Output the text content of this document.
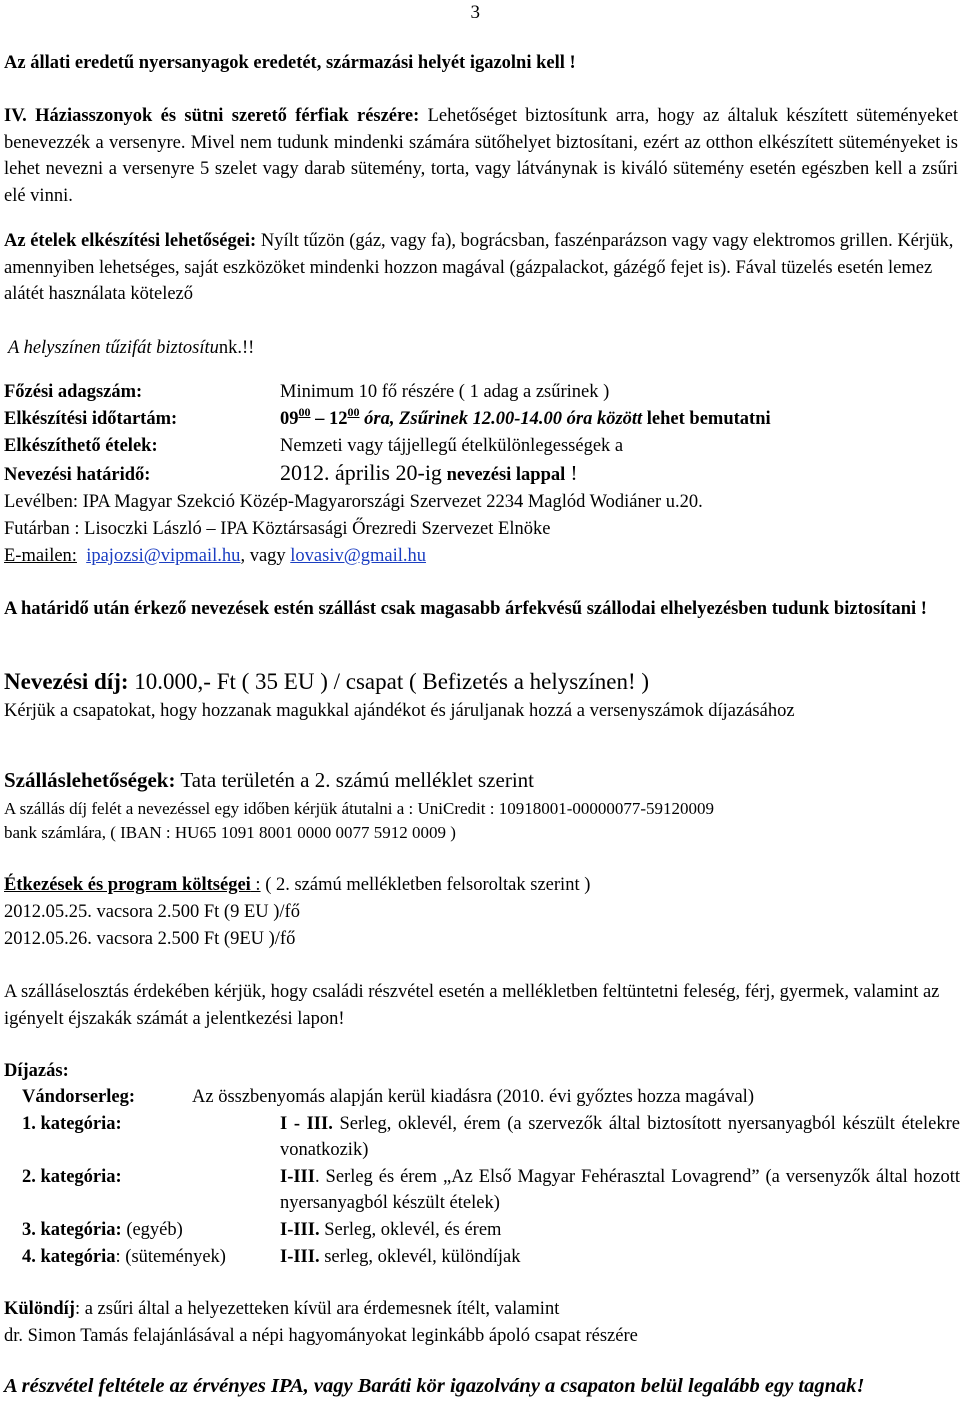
3

Az állati eredetű nyersanyagok eredetét, származási helyét igazolni kell !

IV. Háziasszonyok és sütni szerető férfiak részére: Lehetőséget biztosítunk arra, hogy az általuk készített süteményeket benevezzék a versenyre. Mivel nem tudunk mindenki számára sütőhelyet biztosítani, ezért az otthon elkészített süteményeket is lehet nevezni a versenyre 5 szelet vagy darab sütemény, torta, vagy látványnak is kiváló sütemény esetén egészben kell a zsűri elé vinni.

Az ételek elkészítési lehetőségei: Nyílt tűzön (gáz, vagy fa), bográcsban, faszénparázson vagy vagy elektromos grillen. Kérjük, amennyiben lehetséges, saját eszközöket mindenki hozzon magával (gázpalackot, gázégő fejet is). Fával tüzelés esetén lemez alátét használata kötelező

A helyszínen tűzifát biztosítunk.!!

Főzési adagszám:	Minimum 10 fő részére ( 1 adag a zsűrinek )
Elkészítési időtartám:	$09^{00} - 12^{00}$ óra, Zsűrinek 12.00-14.00 óra között lehet bemutatni
Elkészíthető ételek:	Nemzeti vagy tájjellegű ételkülönlegességek a
Nevezési határidő:	2012. április 20-ig nevezési lappal !
Levélben: IPA Magyar Szekció Közép-Magyarországi Szervezet 2234 Maglód Wodiáner u.20.
Futárban : Lisoczki László – IPA Köztársasági Őrezredi Szervezet Elnöke
E-mailen: ipajozsi@vipmail.hu, vagy lovasiv@gmail.hu

A határidő után érkező nevezések estén szállást csak magasabb árfekvésű szállodai elhelyezésben tudunk biztosítani !

Nevezési díj: 10.000,- Ft ( 35 EU ) / csapat ( Befizetés a helyszínen! )

Kérjük a csapatokat, hogy hozzanak magukkal ajándékot és járuljanak hozzá a versenyszámok díjazásához

Szálláslehetőségek: Tata területén a 2. számú melléklet szerint

A szállás díj felét a nevezéssel egy időben kérjük átutalni a : UniCredit : 10918001-00000077-59120009

bank számlára, ( IBAN : HU65 1091 8001 0000 0077 5912 0009 )

Étkezések és program költségei : ( 2. számú mellékletben felsoroltak szerint )

2012.05.25. vacsora 2.500 Ft (9 EU )/fő

2012.05.26. vacsora 2.500 Ft (9EU )/fő

A szálláselosztás érdekében kérjük, hogy családi részvétel esetén a mellékletben feltüntetni feleség, férj, gyermek, valamint az igényelt éjszakák számát a jelentkezési lapon!

Díjazás:

Vándorserleg:	Az összbenyomás alapján kerül kiadásra (2010. évi győztes hozza magával)
1. kategória:	I - III. Serleg, oklevél, érem (a szervezők által biztosított nyersanyagból készült ételekre vonatkozik)
2. kategória:	I-III. Serleg és érem „Az Első Magyar Fehérasztal Lovagrend” (a versenyzők által hozott nyersanyagból készült ételek)
3. kategória: (egyéb)	I-III. Serleg, oklevél, és érem
4. kategória: (sütemények)	I-III. serleg, oklevél, különdíjak

Különdíj: a zsűri által a helyezetteken kívül ara érdemesnek ítélt, valamint

dr. Simon Tamás felajánlásával a népi hagyományokat leginkább ápoló csapat részére

A részvétel feltétele az érvényes IPA, vagy Baráti kör igazolvány a csapaton belül legalább egy tagnak!
